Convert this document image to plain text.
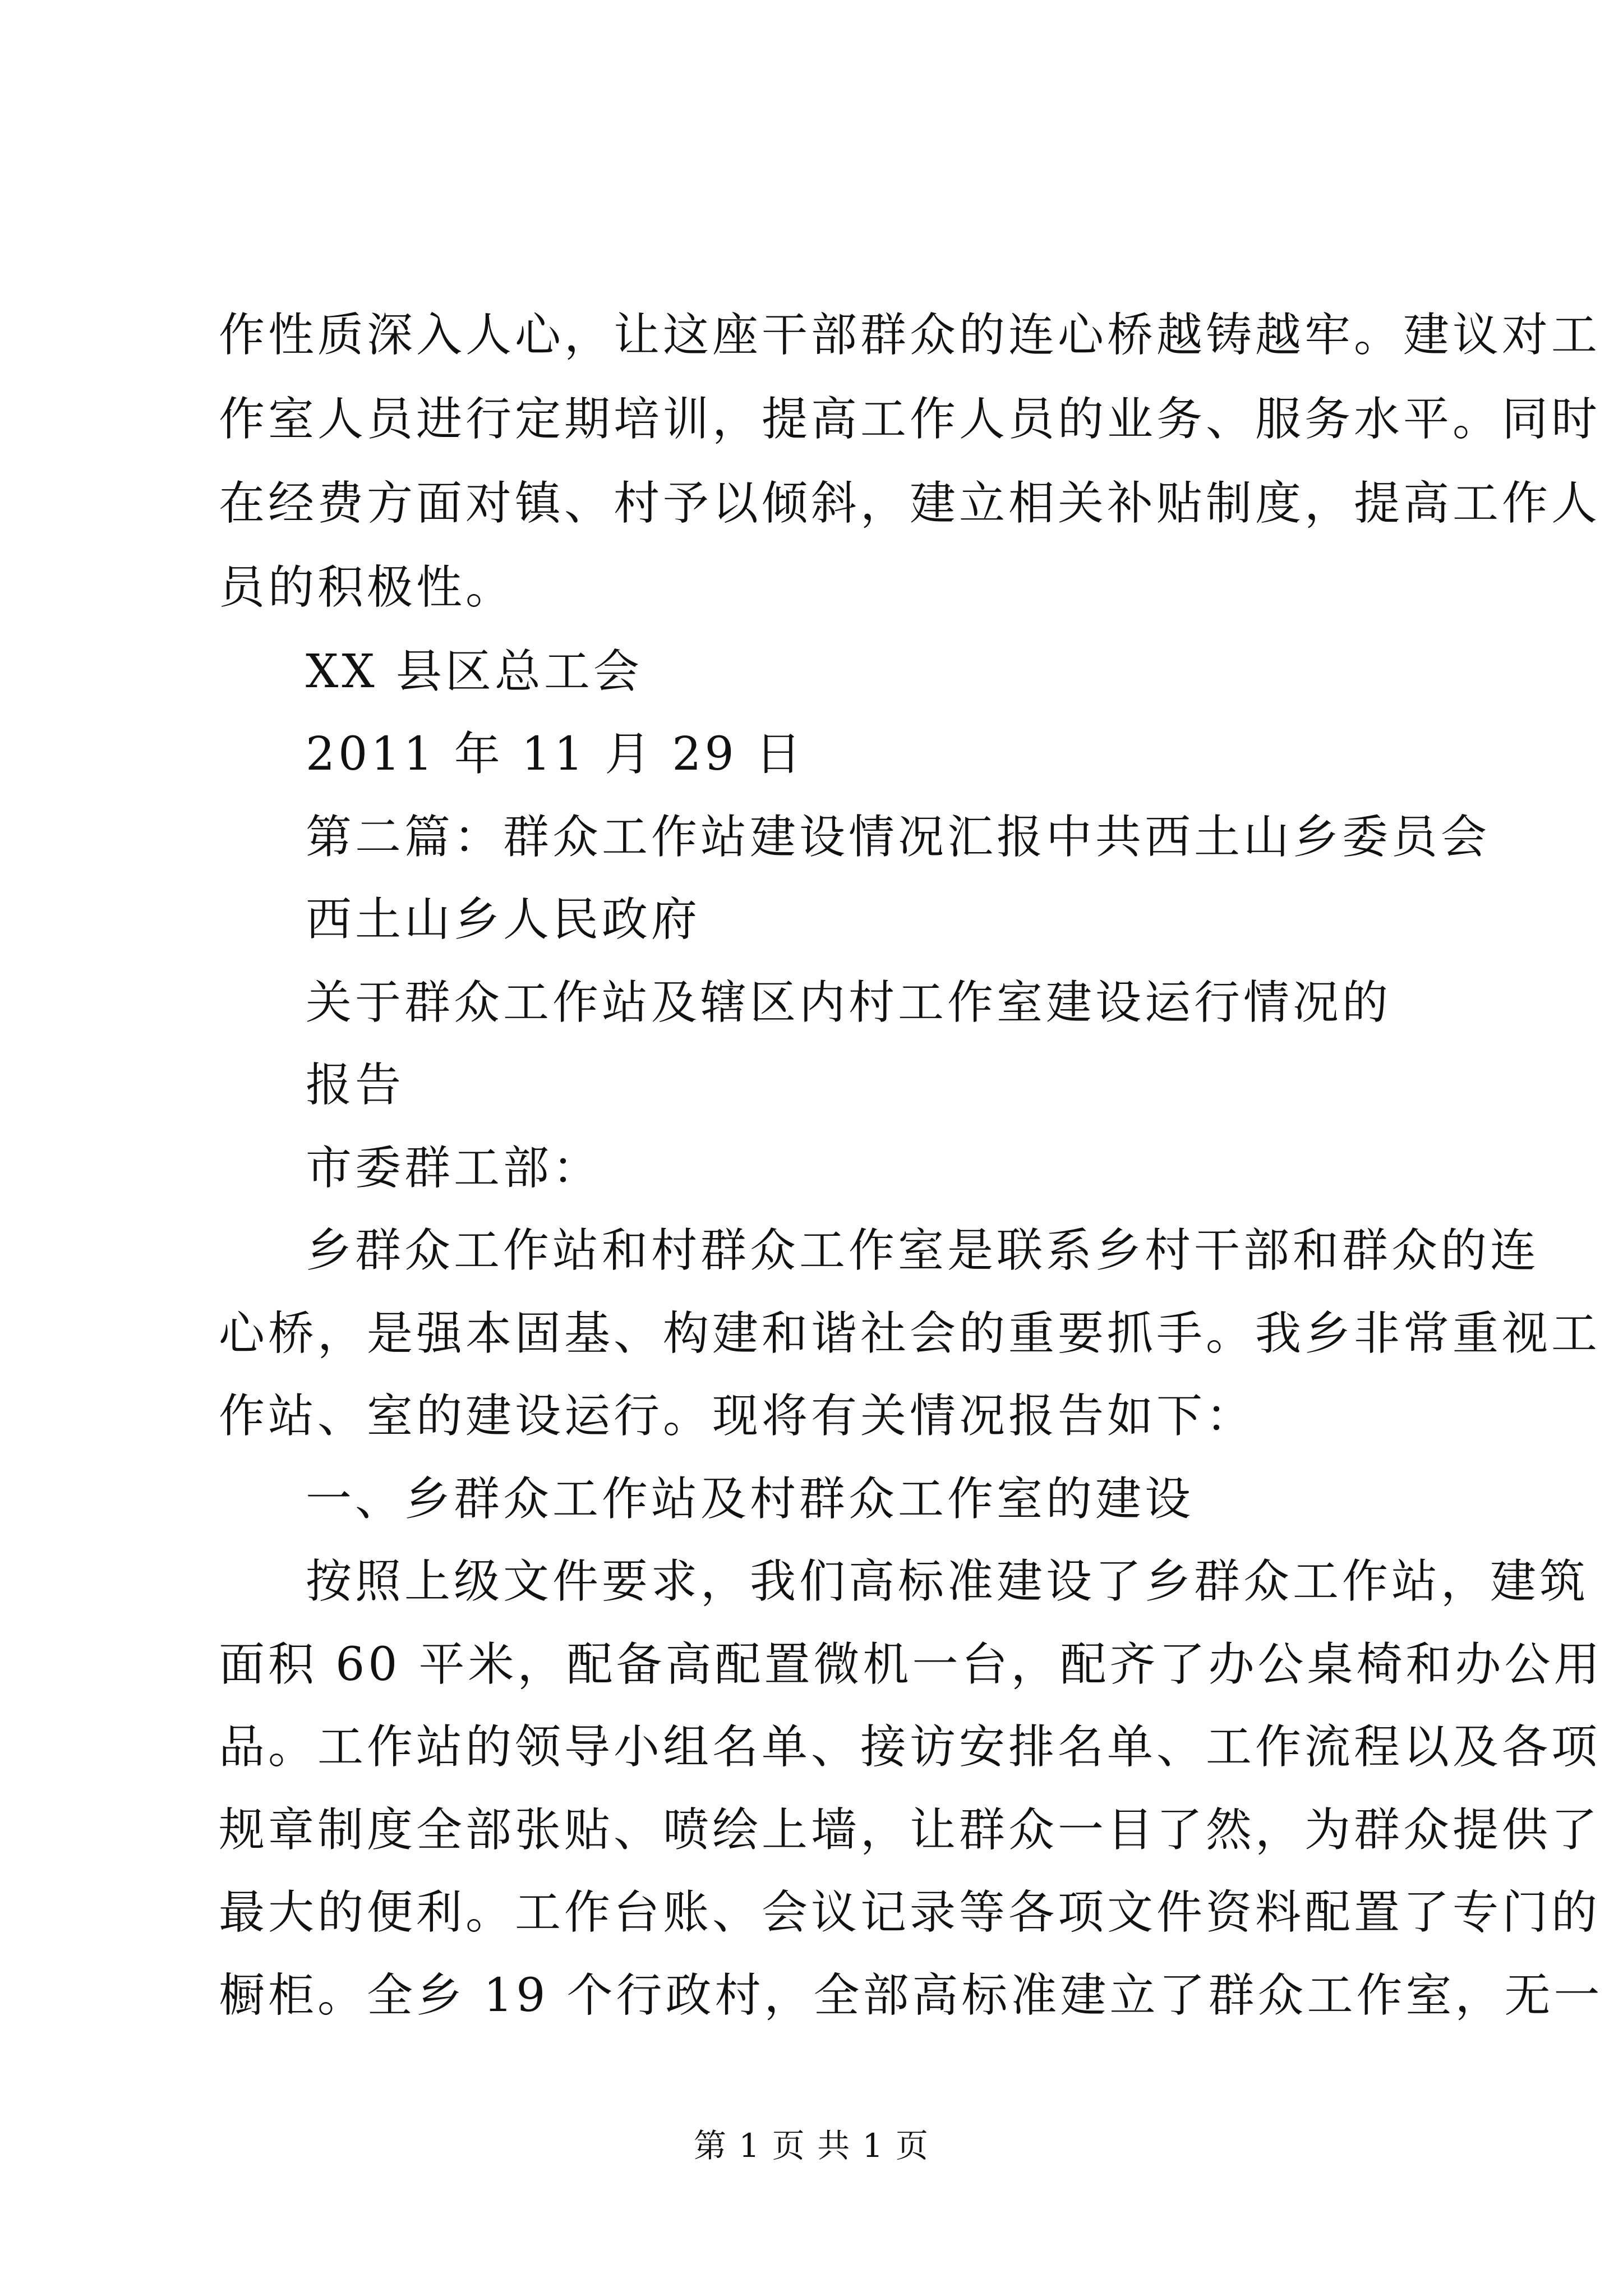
作性质深入人心，让这座干部群众的连心桥越铸越牢。建议对工
作室人员进行定期培训，提高工作人员的业务、服务水平。同时
在经费方面对镇、村予以倾斜，建立相关补贴制度，提高工作人
员的积极性。
XX 县区总工会
2011 年 11 月 29 日
第二篇：群众工作站建设情况汇报中共西土山乡委员会
西土山乡人民政府
关于群众工作站及辖区内村工作室建设运行情况的
报告
市委群工部：
乡群众工作站和村群众工作室是联系乡村干部和群众的连
心桥，是强本固基、构建和谐社会的重要抓手。我乡非常重视工
作站、室的建设运行。现将有关情况报告如下：
一、乡群众工作站及村群众工作室的建设
按照上级文件要求，我们高标准建设了乡群众工作站，建筑
面积 60 平米，配备高配置微机一台，配齐了办公桌椅和办公用
品。工作站的领导小组名单、接访安排名单、工作流程以及各项
规章制度全部张贴、喷绘上墙，让群众一目了然，为群众提供了
最大的便利。工作台账、会议记录等各项文件资料配置了专门的
橱柜。全乡 19 个行政村，全部高标准建立了群众工作室，无一
第 1 页 共 1 页
